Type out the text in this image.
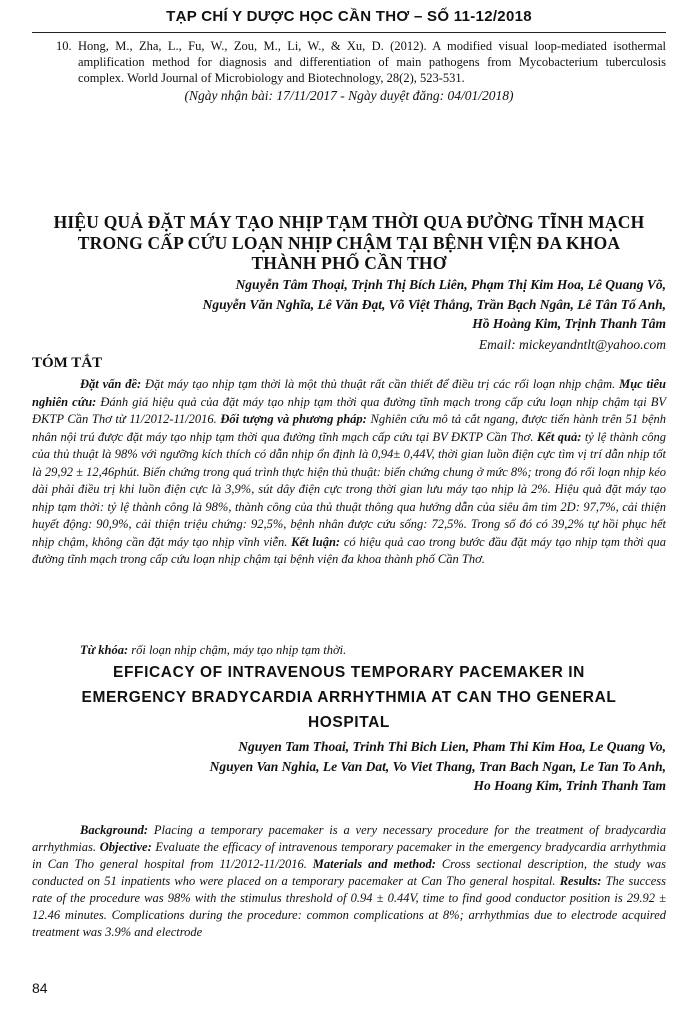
TẠP CHÍ Y DƯỢC HỌC CẦN THƠ – SỐ 11-12/2018
10. Hong, M., Zha, L., Fu, W., Zou, M., Li, W., & Xu, D. (2012). A modified visual loop-mediated isothermal amplification method for diagnosis and differentiation of main pathogens from Mycobacterium tuberculosis complex. World Journal of Microbiology and Biotechnology, 28(2), 523-531.
(Ngày nhận bài: 17/11/2017 - Ngày duyệt đăng: 04/01/2018)
HIỆU QUẢ ĐẶT MÁY TẠO NHỊP TẠM THỜI QUA ĐƯỜNG TĨNH MẠCH
TRONG CẤP CỨU LOẠN NHỊP CHẬM TẠI BỆNH VIỆN ĐA KHOA
THÀNH PHỐ CẦN THƠ
Nguyễn Tâm Thoại, Trịnh Thị Bích Liên, Phạm Thị Kim Hoa, Lê Quang Võ,
Nguyễn Văn Nghĩa, Lê Văn Đạt, Võ Việt Thắng, Trần Bạch Ngân, Lê Tân Tố Anh,
Hồ Hoàng Kim, Trịnh Thanh Tâm
Email: mickeyandntlt@yahoo.com
TÓM TẮT

Đặt vấn đề: Đặt máy tạo nhịp tạm thời là một thủ thuật rất cần thiết để điều trị các rối loạn nhịp chậm. Mục tiêu nghiên cứu: Đánh giá hiệu quả của đặt máy tạo nhịp tạm thời qua đường tĩnh mạch trong cấp cứu loạn nhịp chậm tại BV ĐKTP Cần Thơ từ 11/2012-11/2016. Đối tượng và phương pháp: Nghiên cứu mô tả cắt ngang, được tiến hành trên 51 bệnh nhân nội trú được đặt máy tạo nhịp tạm thời qua đường tĩnh mạch cấp cứu tại BV ĐKTP Cần Thơ. Kết quả: tỷ lệ thành công của thủ thuật là 98% với ngưỡng kích thích có dẫn nhịp ổn định là 0,94± 0,44V, thời gian luồn điện cực tìm vị trí dẫn nhịp tốt là 29,92 ± 12,46phút. Biến chứng trong quá trình thực hiện thủ thuật: biến chứng chung ở mức 8%; trong đó rối loạn nhịp kéo dài phải điều trị khi luồn điện cực là 3,9%, sút dây điện cực trong thời gian lưu máy tạo nhịp là 2%. Hiệu quả đặt máy tạo nhịp tạm thời: tỷ lệ thành công là 98%, thành công của thủ thuật thông qua hướng dẫn của siêu âm tim 2D: 97,7%, cải thiện huyết động: 90,9%, cải thiện triệu chứng: 92,5%, bệnh nhân được cứu sống: 72,5%. Trong số đó có 39,2% tự hồi phục hết nhịp chậm, không cần đặt máy tạo nhịp vĩnh viễn. Kết luận: có hiệu quả cao trong bước đầu đặt máy tạo nhịp tạm thời qua đường tĩnh mạch trong cấp cứu loạn nhịp chậm tại bệnh viện đa khoa thành phố Cần Thơ.

Từ khóa: rối loạn nhịp chậm, máy tạo nhịp tạm thời.

EFFICACY OF INTRAVENOUS TEMPORARY PACEMAKER IN
EMERGENCY BRADYCARDIA ARRHYTHMIA AT CAN THO GENERAL
HOSPITAL
Nguyen Tam Thoai, Trinh Thi Bich Lien, Pham Thi Kim Hoa, Le Quang Vo,
Nguyen Van Nghia, Le Van Dat, Vo Viet Thang, Tran Bach Ngan, Le Tan To Anh,
Ho Hoang Kim, Trinh Thanh Tam

Background: Placing a temporary pacemaker is a very necessary procedure for the treatment of bradycardia arrhythmias. Objective: Evaluate the efficacy of intravenous temporary pacemaker in the emergency bradycardia arrhythmia in Can Tho general hospital from 11/2012-11/2016. Materials and method: Cross sectional description, the study was conducted on 51 inpatients who were placed on a temporary pacemaker at Can Tho general hospital. Results: The success rate of the procedure was 98% with the stimulus threshold of 0.94 ± 0.44V, time to find good conductor position is 29.92 ± 12.46 minutes. Complications during the procedure: common complications at 8%; arrhythmias due to electrode acquired treatment was 3.9% and electrode

84
